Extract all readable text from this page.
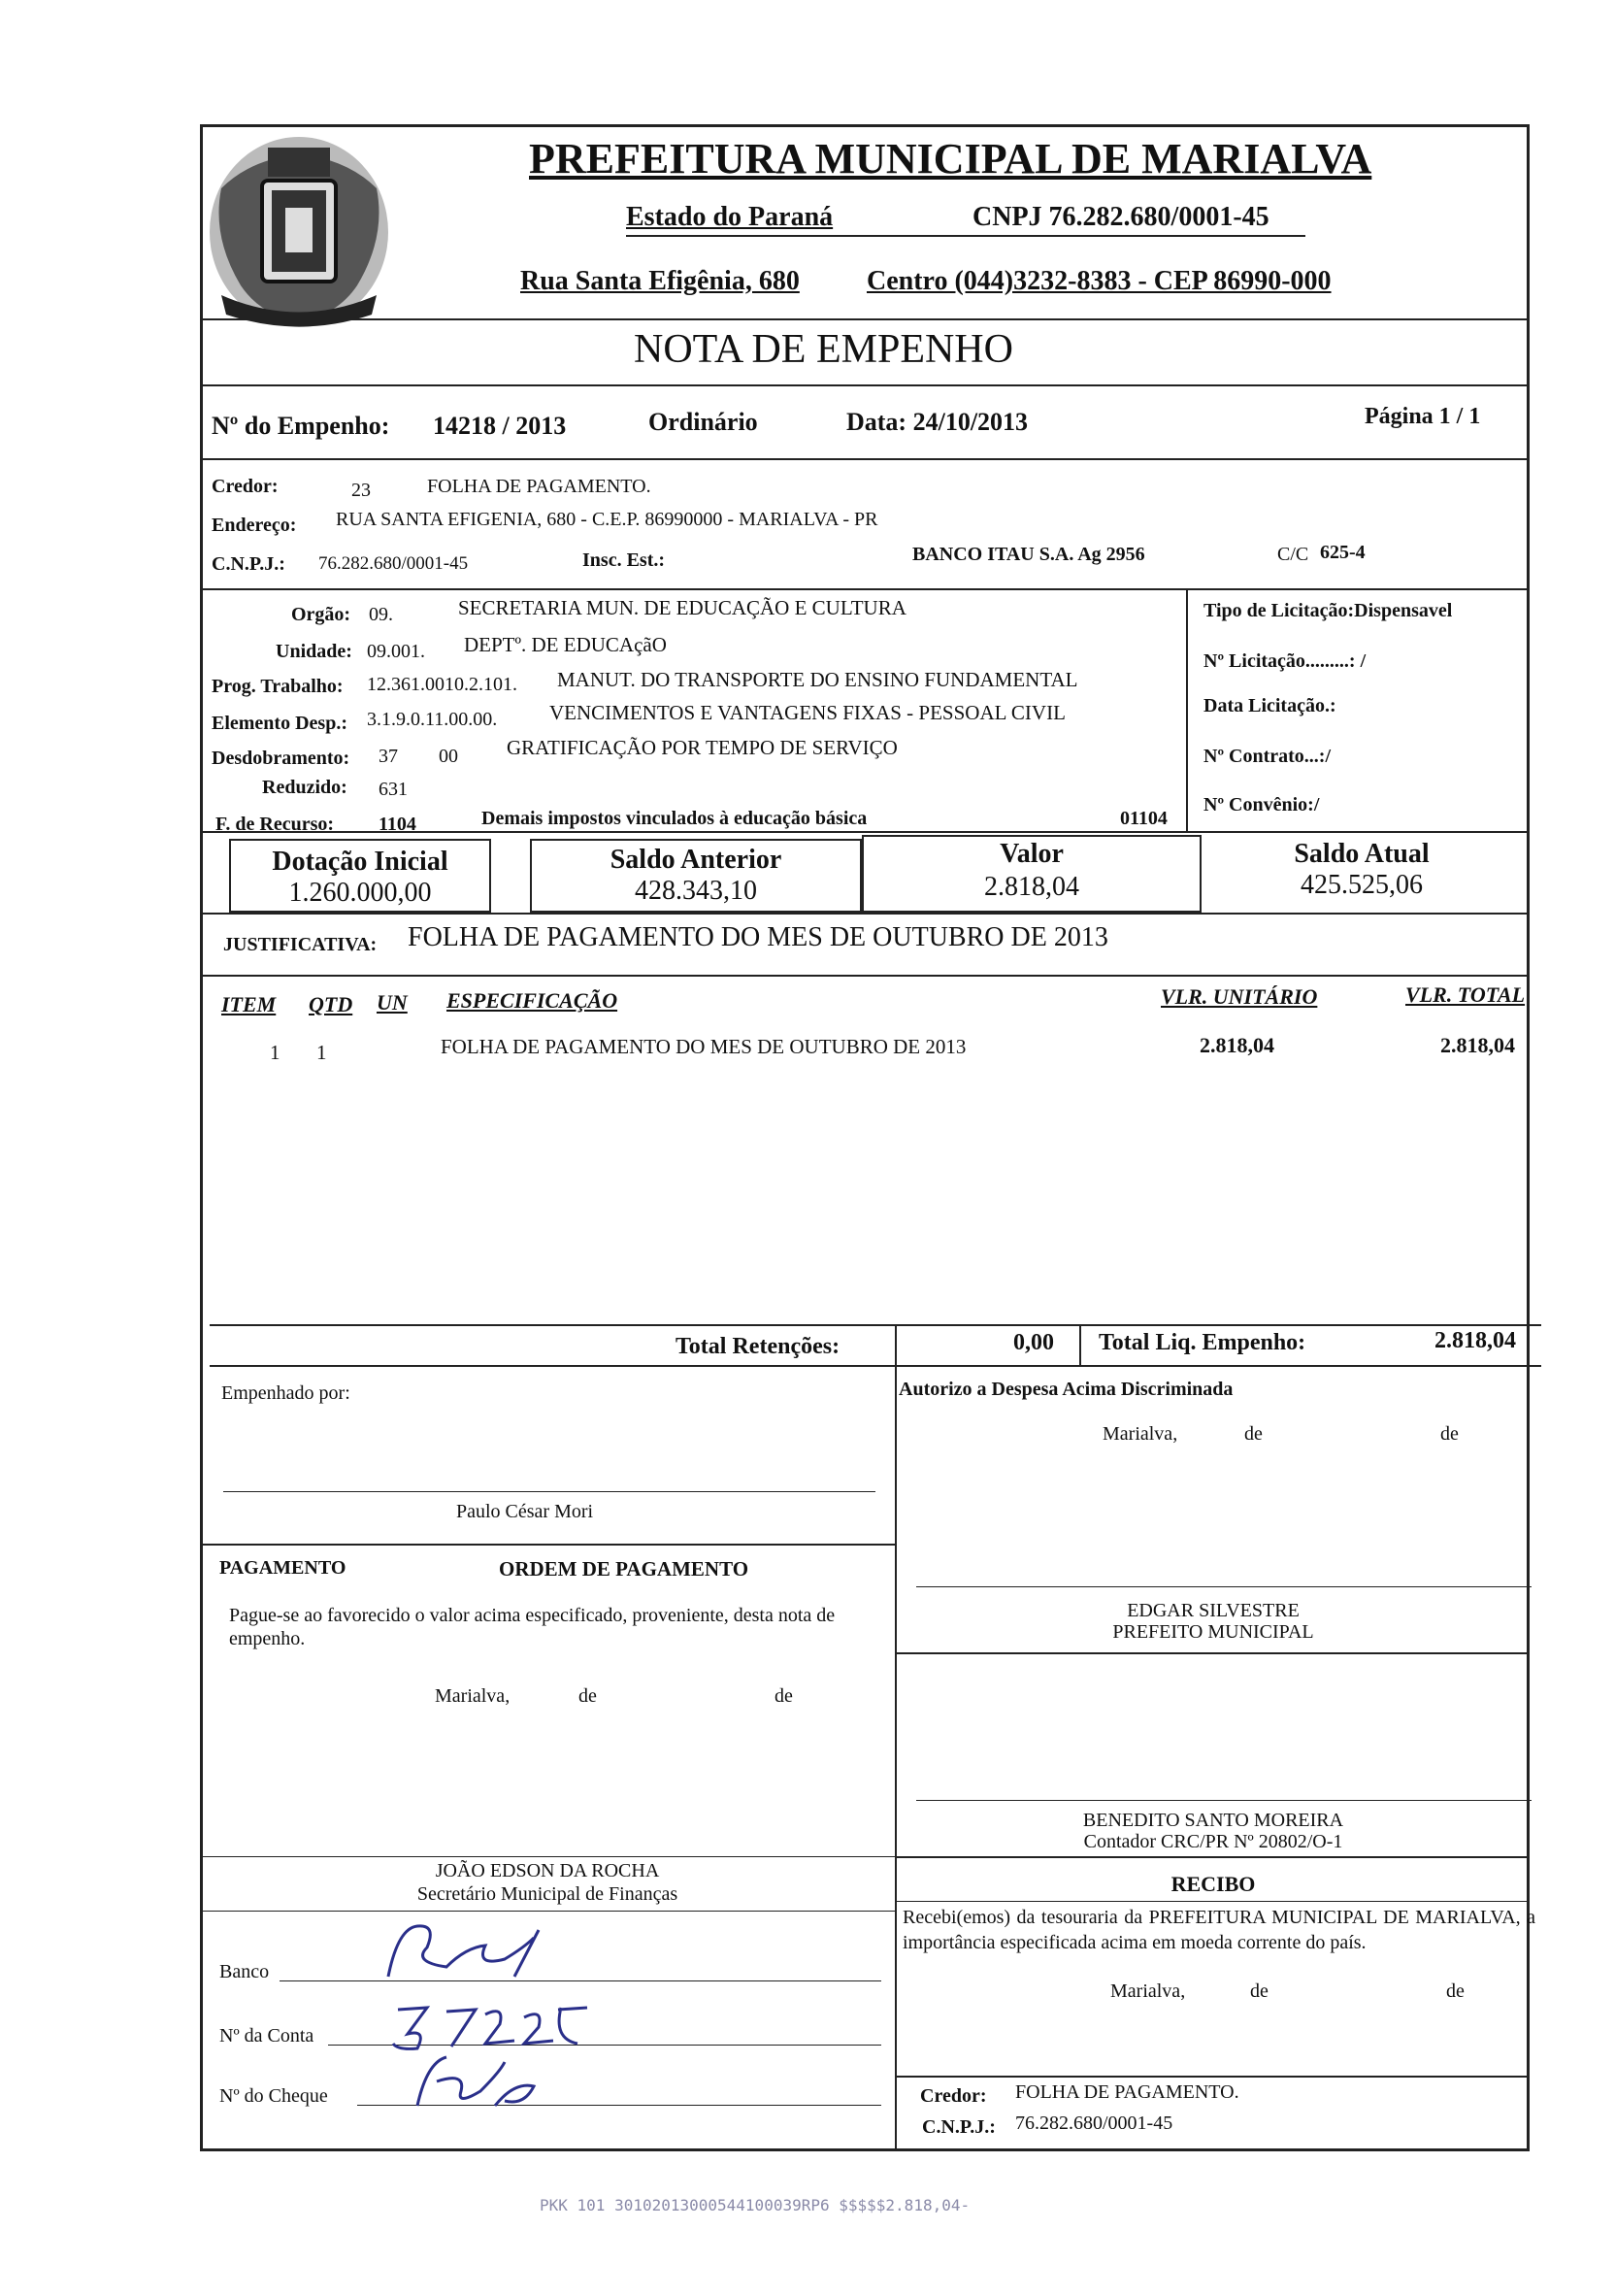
PREFEITURA MUNICIPAL DE MARIALVA
Estado do Paraná	CNPJ 76.282.680/0001-45
Rua Santa Efigênia, 680 Centro (044)3232-8383 - CEP 86990-000
NOTA DE EMPENHO
Nº do Empenho: 14218 / 2013	Ordinário	Data: 24/10/2013	Página 1 / 1
Credor:	23	FOLHA DE PAGAMENTO.
Endereço: RUA SANTA EFIGENIA, 680 - C.E.P. 86990000 - MARIALVA - PR
C.N.P.J.: 76.282.680/0001-45	Insc. Est.:	BANCO ITAU S.A. Ag 2956	C/C 625-4
Orgão: 09.	SECRETARIA MUN. DE EDUCAÇÃO E CULTURA
Unidade: 09.001. DEPTº. DE EDUCAçãO
Prog. Trabalho: 12.361.0010.2.101. MANUT. DO TRANSPORTE DO ENSINO FUNDAMENTAL
Elemento Desp.: 3.1.9.0.11.00.00.	VENCIMENTOS E VANTAGENS FIXAS - PESSOAL CIVIL
Desdobramento: 37 00 GRATIFICAÇÃO POR TEMPO DE SERVIÇO
Reduzido: 631
F. de Recurso: 1104	Demais impostos vinculados à educação básica	01104
Tipo de Licitação:Dispensavel
Nº Licitação.........: /
Data Licitação.:
Nº Contrato...:/
Nº Convênio:/
Dotação Inicial
1.260.000,00
Saldo Anterior
428.343,10
Valor
2.818,04
Saldo Atual
425.525,06
JUSTIFICATIVA: FOLHA DE PAGAMENTO DO MES DE OUTUBRO DE 2013
ITEM QTD UN ESPECIFICAÇÃO	VLR. UNITÁRIO	VLR. TOTAL
1 1	FOLHA DE PAGAMENTO DO MES DE OUTUBRO DE 2013	2.818,04	2.818,04
Total Retenções:	0,00 Total Liq. Empenho:	2.818,04
Empenhado por:
Paulo César Mori
Autorizo a Despesa Acima Discriminada
Marialva,	de	de
EDGAR SILVESTRE
PREFEITO MUNICIPAL
PAGAMENTO	ORDEM DE PAGAMENTO
Pague-se ao favorecido o valor acima especificado, proveniente, desta nota de empenho.
Marialva,	de	de
BENEDITO SANTO MOREIRA
Contador CRC/PR Nº 20802/O-1
JOÃO EDSON DA ROCHA
Secretário Municipal de Finanças	RECIBO
Recebi(emos) da tesouraria da PREFEITURA MUNICIPAL DE MARIALVA, a importância especificada acima em moeda corrente do país.
Marialva,	de	de
Credor: FOLHA DE PAGAMENTO.
C.N.P.J.: 76.282.680/0001-45
Banco
Nº da Conta
Nº do Cheque
PKK 101 30102013000544100039RP6 $$$$$2.818,04-
